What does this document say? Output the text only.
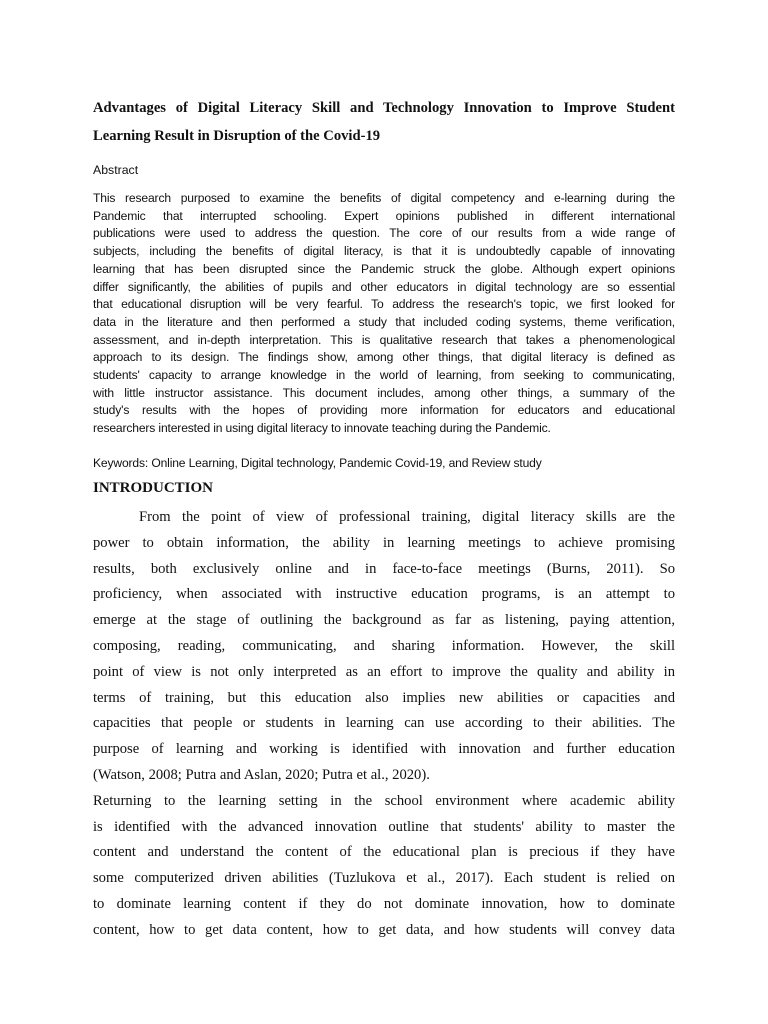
Advantages of Digital Literacy Skill and Technology Innovation to Improve Student
Learning Result in Disruption of the Covid-19
Abstract
This research purposed to examine the benefits of digital competency and e-learning during the
Pandemic that interrupted schooling. Expert opinions published in different international
publications were used to address the question. The core of our results from a wide range of
subjects, including the benefits of digital literacy, is that it is undoubtedly capable of innovating
learning that has been disrupted since the Pandemic struck the globe. Although expert opinions
differ significantly, the abilities of pupils and other educators in digital technology are so essential
that educational disruption will be very fearful. To address the research's topic, we first looked for
data in the literature and then performed a study that included coding systems, theme verification,
assessment, and in-depth interpretation. This is qualitative research that takes a phenomenological
approach to its design. The findings show, among other things, that digital literacy is defined as
students' capacity to arrange knowledge in the world of learning, from seeking to communicating,
with little instructor assistance. This document includes, among other things, a summary of the
study's results with the hopes of providing more information for educators and educational
researchers interested in using digital literacy to innovate teaching during the Pandemic.
Keywords: Online Learning, Digital technology, Pandemic Covid-19, and Review study
INTRODUCTION
From the point of view of professional training, digital literacy skills are the
power to obtain information, the ability in learning meetings to achieve promising
results, both exclusively online and in face-to-face meetings (Burns, 2011). So
proficiency, when associated with instructive education programs, is an attempt to
emerge at the stage of outlining the background as far as listening, paying attention,
composing, reading, communicating, and sharing information. However, the skill
point of view is not only interpreted as an effort to improve the quality and ability in
terms of training, but this education also implies new abilities or capacities and
capacities that people or students in learning can use according to their abilities. The
purpose of learning and working is identified with innovation and further education
(Watson, 2008; Putra and Aslan, 2020; Putra et al., 2020).
Returning to the learning setting in the school environment where academic ability
is identified with the advanced innovation outline that students' ability to master the
content and understand the content of the educational plan is precious if they have
some computerized driven abilities (Tuzlukova et al., 2017). Each student is relied on
to dominate learning content if they do not dominate innovation, how to dominate
content, how to get data content, how to get data, and how students will convey data
